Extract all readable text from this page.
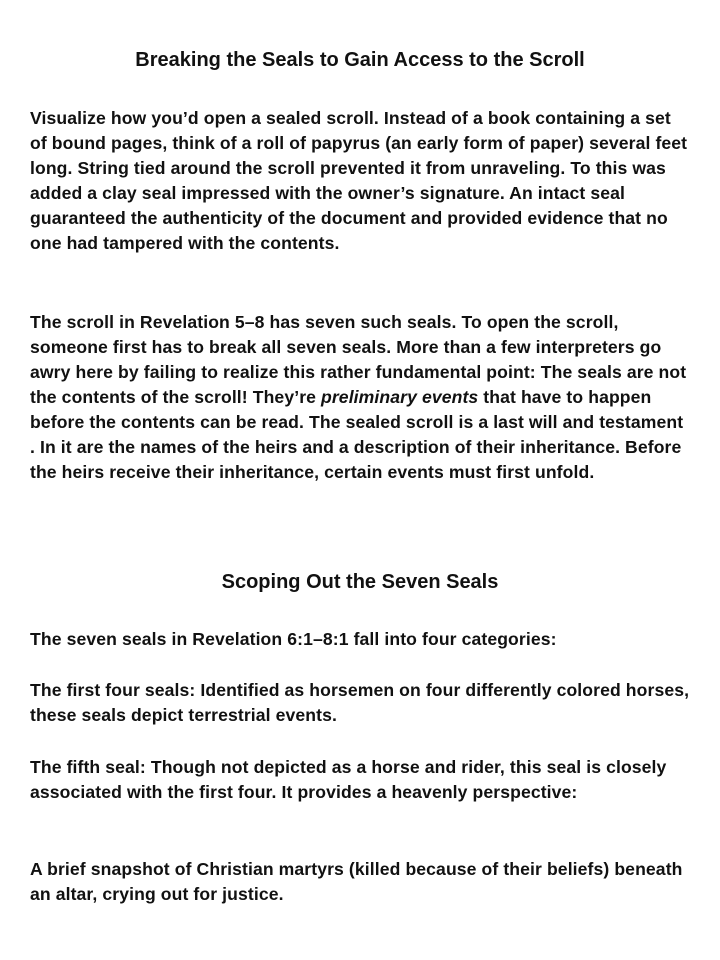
Breaking the Seals to Gain Access to the Scroll

Visualize how you’d open a sealed scroll. Instead of a book containing a set of bound pages, think of a roll of papyrus (an early form of paper) several feet long. String tied around the scroll prevented it from unraveling. To this was added a clay seal impressed with the owner’s signature. An intact seal guaranteed the authenticity of the document and provided evidence that no one had tampered with the contents.

The scroll in Revelation 5–8 has seven such seals. To open the scroll, someone first has to break all seven seals. More than a few interpreters go awry here by failing to realize this rather fundamental point: The seals are not the contents of the scroll! They’re preliminary events that have to happen before the contents can be read. The sealed scroll is a last will and testament . In it are the names of the heirs and a description of their inheritance. Before the heirs receive their inheritance, certain events must first unfold.

Scoping Out the Seven Seals

The seven seals in Revelation 6:1–8:1 fall into four categories:

The first four seals: Identified as horsemen on four differently colored horses, these seals depict terrestrial events.

The fifth seal: Though not depicted as a horse and rider, this seal is closely associated with the first four. It provides a heavenly perspective:

A brief snapshot of Christian martyrs (killed because of their beliefs) beneath an altar, crying out for justice.
